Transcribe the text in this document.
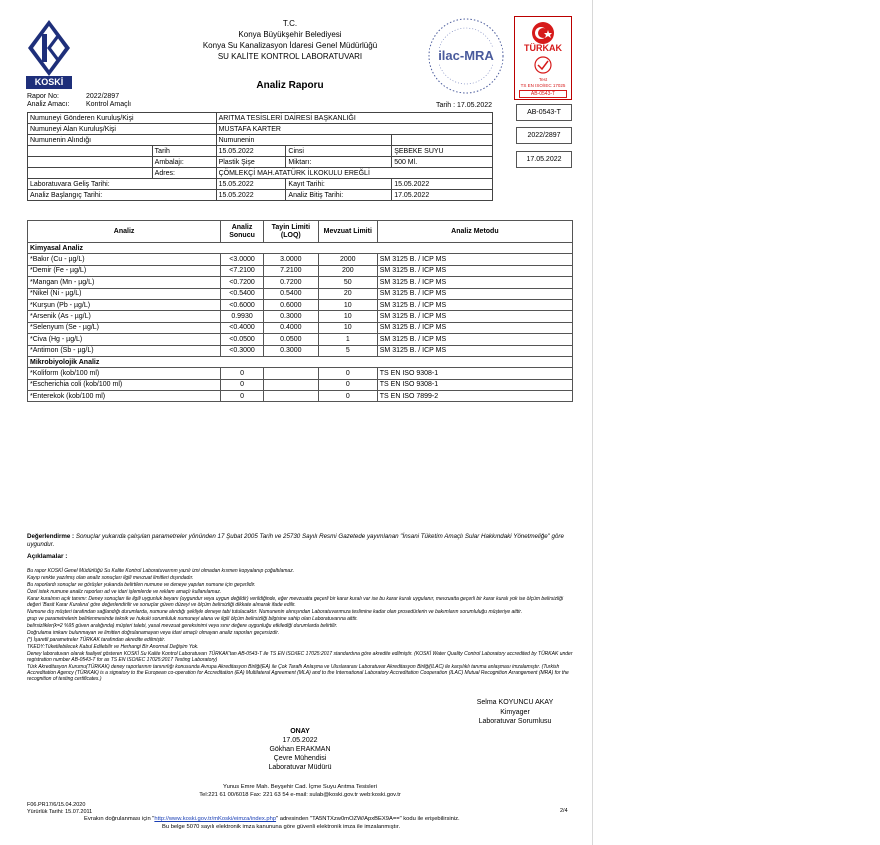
KOSKİ
T.C.
Konya Büyükşehir Belediyesi
Konya Su Kanalizasyon İdaresi Genel Müdürlüğü
SU KALİTE KONTROL LABORATUVARI
Analiz Raporu
ilac-MRA	TÜRKAK
Test
TS EN ISO/IEC 17025
AB-0543-T
Rapor No:	2022/2897
Analiz Amacı: Kontrol Amaçlı	Tarih : 17.05.2022
AB-0543-T
2022/2897
17.05.2022
Numuneyi Gönderen Kuruluş/Kişi		ARITMA TESİSLERİ DAİRESİ BAŞKANLIĞI		
Numuneyi Alan Kuruluş/Kişi		MUSTAFA KARTER		
Numunenin Alındığı		Numunenin		
	Tarih	15.05.2022	Cinsi	ŞEBEKE SUYU
	Ambalajı:	Plastik Şişe	Miktarı:	500 Ml.
	Adres:	ÇÖMLEKÇİ MAH.ATATÜRK İLKOKULU EREĞLİ		
Laboratuvara Geliş Tarihi:		15.05.2022	Kayıt Tarihi:	15.05.2022
Analiz Başlangıç Tarihi:		15.05.2022	Analiz Bitiş Tarihi:	17.05.2022
Analiz	Analiz Sonucu	Tayin Limiti (LOQ)	Mevzuat Limiti	Analiz Metodu
Kimyasal Analiz				
*Bakır (Cu - µg/L)	<3.0000	3.0000	2000	SM 3125 B. / ICP MS
*Demir (Fe - µg/L)	<7.2100	7.2100	200	SM 3125 B. / ICP MS
*Mangan (Mn - µg/L)	<0.7200	0.7200	50	SM 3125 B. / ICP MS
*Nikel (Ni - µg/L)	<0.5400	0.5400	20	SM 3125 B. / ICP MS
*Kurşun (Pb - µg/L)	<0.6000	0.6000	10	SM 3125 B. / ICP MS
*Arsenik (As - µg/L)	0.9930	0.3000	10	SM 3125 B. / ICP MS
*Selenyum (Se - µg/L)	<0.4000	0.4000	10	SM 3125 B. / ICP MS
*Civa (Hg - µg/L)	<0.0500	0.0500	1	SM 3125 B. / ICP MS
*Antimon (Sb - µg/L)	<0.3000	0.3000	5	SM 3125 B. / ICP MS
Mikrobiyolojik Analiz				
*Koliform (kob/100 ml)	0		0	TS EN ISO 9308-1
*Escherichia coli (kob/100 ml)	0		0	TS EN ISO 9308-1
*Enterekok (kob/100 ml)	0		0	TS EN ISO 7899-2
Değerlendirme : Sonuçlar yukarıda çalışılan parametreler yönünden 17 Şubat 2005 Tarih ve 25730 Sayılı Resmi Gazetede yayımlanan "İnsani Tüketim Amaçlı Sular Hakkındaki Yönetmeliğe" göre uygundur.
Açıklamalar :
Bu rapor KOSKİ Genel Müdürlüğü Su Kalite Kontrol Laboratuvarının yazılı izni olmadan kısmen kopyalanıp çoğaltılamaz.
Kayıp renkte yazılmış olan analiz sonuçları ilgili mevzuat limitleri dışındadır.
Bu raporlardı sonuçlar ve görüşler yukarıda belirtilen numune ve deneye yapılan numune için geçerlidir.
Özel istek numune analiz raporları ad ve idari işlemlerde ve reklam amaçlı kullanılamaz.
Karar kuralının açık tanımı: Deney sonuçları ile ilgili uygunluk beyanı (uygundur veya uygun değildir) verildiğinde, eğer mevzuatta geçerli bir karar kuralı var ise bu karar kuralı uygulanır, mevzuatta geçerli bir karar kuralı yok ise ölçüm belirsizliği değeri 'Basit Karar Kuralına' göre değerlendirilir ve sonuçlar güven düzeyi ve ölçüm belirsizliği dikkate alınarak ifade edilir.
Numune dış müşteri tarafından sağlandığı durumlarda, numune alındığı şekliyle deneye tabi tutulacaktır. Numunenin alınışından Laboratuvarımıza teslimine kadar olan prosedürlerin ve bakımların sorumluluğu müşteriye aittir.
grup ve parametrelerin belirlenmesinde teknik ve hukuki sorumluluk numuneyi alana ve ilgili ölçüm belirsizliği bilgisine sahip olan Laboratuvarına aittir.
belirsizlikler(k=2 %95 güven aralığında) müşteri talebi, yasal mevzuat gereksinimi veya sınır değere uygunluğu etkilediği durumlarda belirtilir.
Doğrulama imkanı bulunmayan ve limitten doğrulanamayan veya idari amaçlı olmayan analiz raporları geçersizdir.
(*) İşaretli parametreler TÜRKAK tarafından akredite edilmiştir.
TKEDY:Tüketilebilecek Kabul Edilebilir ve Herhangi Bir Anormal Değişim Yok.
Deney laboratuvarı olarak faaliyet gösteren KOSKİ Su Kalite Kontrol Laboratuvarı TÜRKAK'tan AB-0543-T ile TS EN ISO/IEC 17025:2017 standardına göre akredite edilmiştir. (KOSKİ Water Quality Control Laboratory accredited by TÜRKAK under registration number AB-0543-T for as TS EN ISO/IEC 17025:2017 Testing Laboratory)
Türk Akreditasyon Kurumu(TÜRKAK) deney raporlarının tanınırlığı konusunda Avrupa Akreditasyon Birliği(EA) ile Çok Taraflı Anlaşma ve Uluslararası Laboratuvar Akreditasyon Birliği(ILAC) ile karşılıklı tanıma anlaşması imzalamıştır. (Turkish Accreditation Agency (TÜRKAK) is a signatory to the European co-operation for Accreditation (EA) Multilateral Agreement (MLA) and to the International Laboratory Accreditation Cooperation (ILAC) Mutual Recognition Arrangement (MRA) for the recognition of testing certificates.)
Selma KOYUNCU AKAY
Kimyager
Laboratuvar Sorumlusu
ONAY
17.05.2022
Gökhan ERAKMAN
Çevre Mühendisi
Laboratuvar Müdürü
Yunus Emre Mah. Beyşehir Cad. İçme Suyu Arıtma Tesisleri
Tel:221 61 00/6018 Fax: 221 63 54 e-mail: sulab@koski.gov.tr web:koski.gov.tr
F06.PR17/6/15.04.2020
Yürürlük Tarihi: 15.07.2011
Evrakın doğrulanması için "http://www.koski.gov.tr/mKoski/eimza/index.php" adresinden "TA5NTXzw0mOZW/ApxBEX9A==" kodu ile erişebilirsiniz.
Bu belge 5070 sayılı elektronik imza kanununa göre güvenli elektronik imza ile imzalanmıştır.
2/4
